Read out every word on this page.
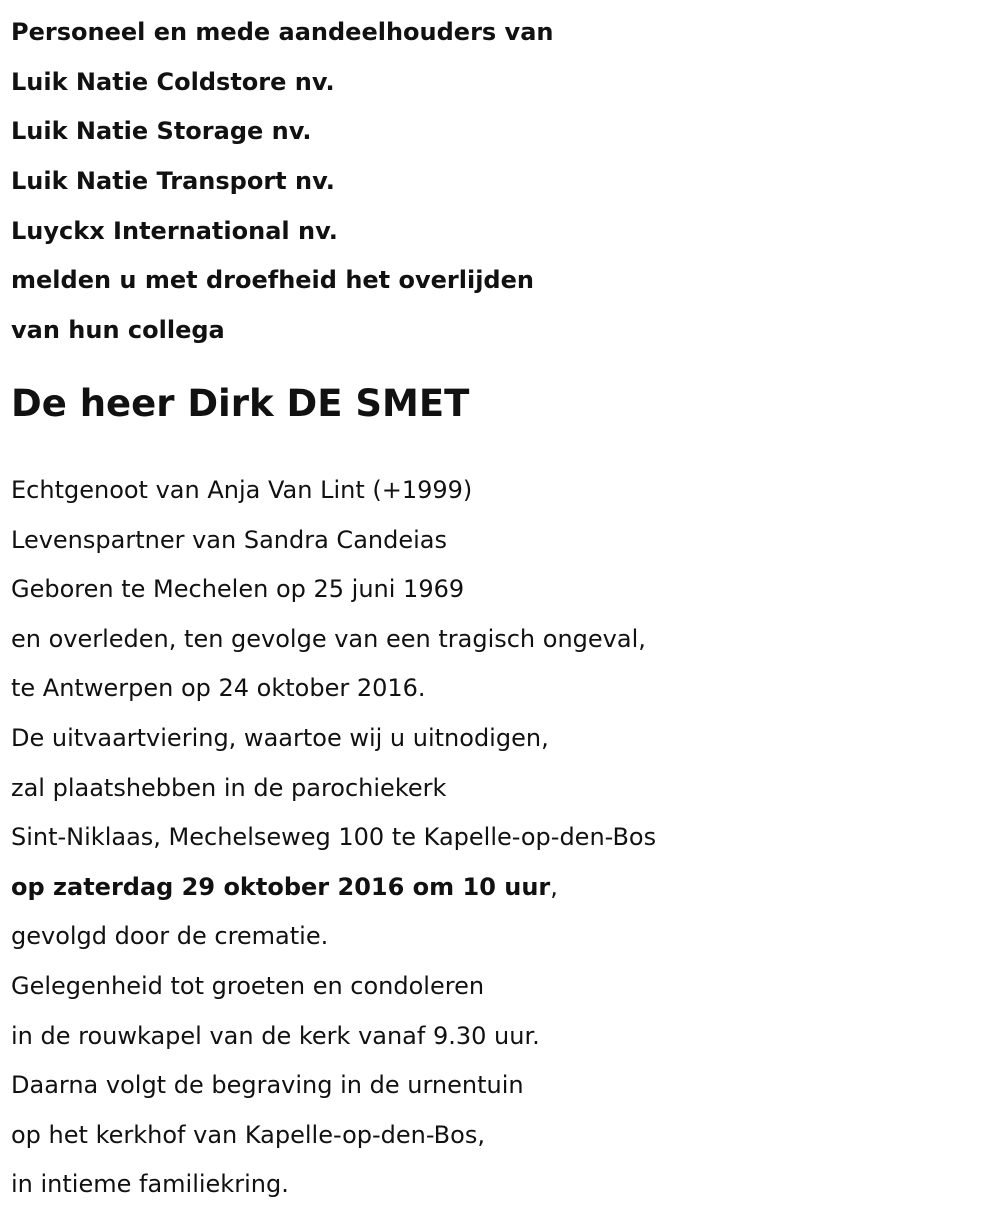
Personeel en mede aandeelhouders van
Luik Natie Coldstore nv.
Luik Natie Storage nv.
Luik Natie Transport nv.
Luyckx International nv.
melden u met droefheid het overlijden
van hun collega
De heer Dirk DE SMET
Echtgenoot van Anja Van Lint (+1999)
Levenspartner van Sandra Candeias
Geboren te Mechelen op 25 juni 1969
en overleden, ten gevolge van een tragisch ongeval,
te Antwerpen op 24 oktober 2016.
De uitvaartviering, waartoe wij u uitnodigen,
zal plaatshebben in de parochiekerk
Sint-Niklaas, Mechelseweg 100 te Kapelle-op-den-Bos
op zaterdag 29 oktober 2016 om 10 uur,
gevolgd door de crematie.
Gelegenheid tot groeten en condoleren
in de rouwkapel van de kerk vanaf 9.30 uur.
Daarna volgt de begraving in de urnentuin
op het kerkhof van Kapelle-op-den-Bos,
in intieme familiekring.
